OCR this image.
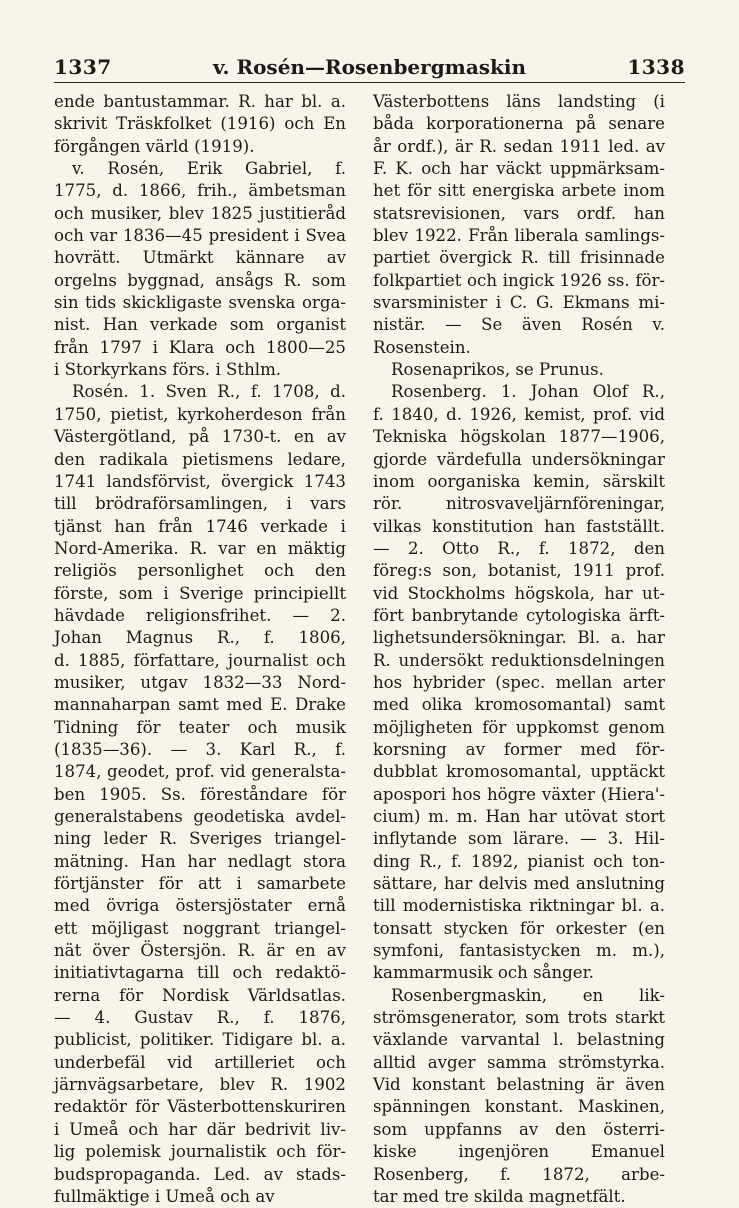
1337	v. Rosén—Rosenbergmaskin	1338
ende bantustammar. R. har bl. a.
skrivit Träskfolket (1916) och En
förgången värld (1919).
v. Rosén, Erik Gabriel, f.
1775, d. 1866, frih., ämbetsman
och musiker, blev 1825 justitieråd
och var 1836—45 president i Svea
hovrätt. Utmärkt kännare av
orgelns byggnad, ansågs R. som
sin tids skickligaste svenska orga-
nist. Han verkade som organist
från 1797 i Klara och 1800—25
i Storkyrkans förs. i Sthlm.
Rosén. 1. Sven R., f. 1708, d.
1750, pietist, kyrkoherdeson från
Västergötland, på 1730-t. en av
den radikala pietismens ledare,
1741 landsförvist, övergick 1743
till brödraförsamlingen, i vars
tjänst han från 1746 verkade i
Nord-Amerika. R. var en mäktig
religiös personlighet och den
förste, som i Sverige principiellt
hävdade religionsfrihet. — 2.
Johan Magnus R., f. 1806,
d. 1885, författare, journalist och
musiker, utgav 1832—33 Nord-
mannaharpan samt med E. Drake
Tidning för teater och musik
(1835—36). — 3. Karl R., f.
1874, geodet, prof. vid generalsta-
ben 1905. Ss. föreståndare för
generalstabens geodetiska avdel-
ning leder R. Sveriges triangel-
mätning. Han har nedlagt stora
förtjänster för att i samarbete
med övriga östersjöstater ernå
ett möjligast noggrant triangel-
nät över Östersjön. R. är en av
initiativtagarna till och redaktö-
rerna för Nordisk Världsatlas.
— 4. Gustav R., f. 1876,
publicist, politiker. Tidigare bl. a.
underbefäl vid artilleriet och
järnvägsarbetare, blev R. 1902
redaktör för Västerbottenskuriren
i Umeå och har där bedrivit liv-
lig polemisk journalistik och för-
budspropaganda. Led. av stads-
fullmäktige i Umeå och av
Västerbottens läns landsting (i
båda korporationerna på senare
år ordf.), är R. sedan 1911 led. av
F. K. och har väckt uppmärksam-
het för sitt energiska arbete inom
statsrevisionen, vars ordf. han
blev 1922. Från liberala samlings-
partiet övergick R. till frisinnade
folkpartiet och ingick 1926 ss. för-
svarsminister i C. G. Ekmans mi-
nistär. — Se även Rosén v.
Rosenstein.
Rosenaprikos, se Prunus.
Rosenberg. 1. Johan Olof R.,
f. 1840, d. 1926, kemist, prof. vid
Tekniska högskolan 1877—1906,
gjorde värdefulla undersökningar
inom oorganiska kemin, särskilt
rör. nitrosvaveljärnföreningar,
vilkas konstitution han fastställt.
— 2. Otto R., f. 1872, den
föreg:s son, botanist, 1911 prof.
vid Stockholms högskola, har ut-
fört banbrytande cytologiska ärft-
lighetsundersökningar. Bl. a. har
R. undersökt reduktionsdelningen
hos hybrider (spec. mellan arter
med olika kromosomantal) samt
möjligheten för uppkomst genom
korsning av former med för-
dubblat kromosomantal, upptäckt
apospori hos högre växter (Hiera'-
cium) m. m. Han har utövat stort
inflytande som lärare. — 3. Hil-
ding R., f. 1892, pianist och ton-
sättare, har delvis med anslutning
till modernistiska riktningar bl. a.
tonsatt stycken för orkester (en
symfoni, fantasistycken m. m.),
kammarmusik och sånger.
Rosenbergmaskin, en lik-
strömsgenerator, som trots starkt
växlande varvantal l. belastning
alltid avger samma strömstyrka.
Vid konstant belastning är även
spänningen konstant. Maskinen,
som uppfanns av den österri-
kiske ingenjören Emanuel
Rosenberg, f. 1872, arbe-
tar med tre skilda magnetfält.
